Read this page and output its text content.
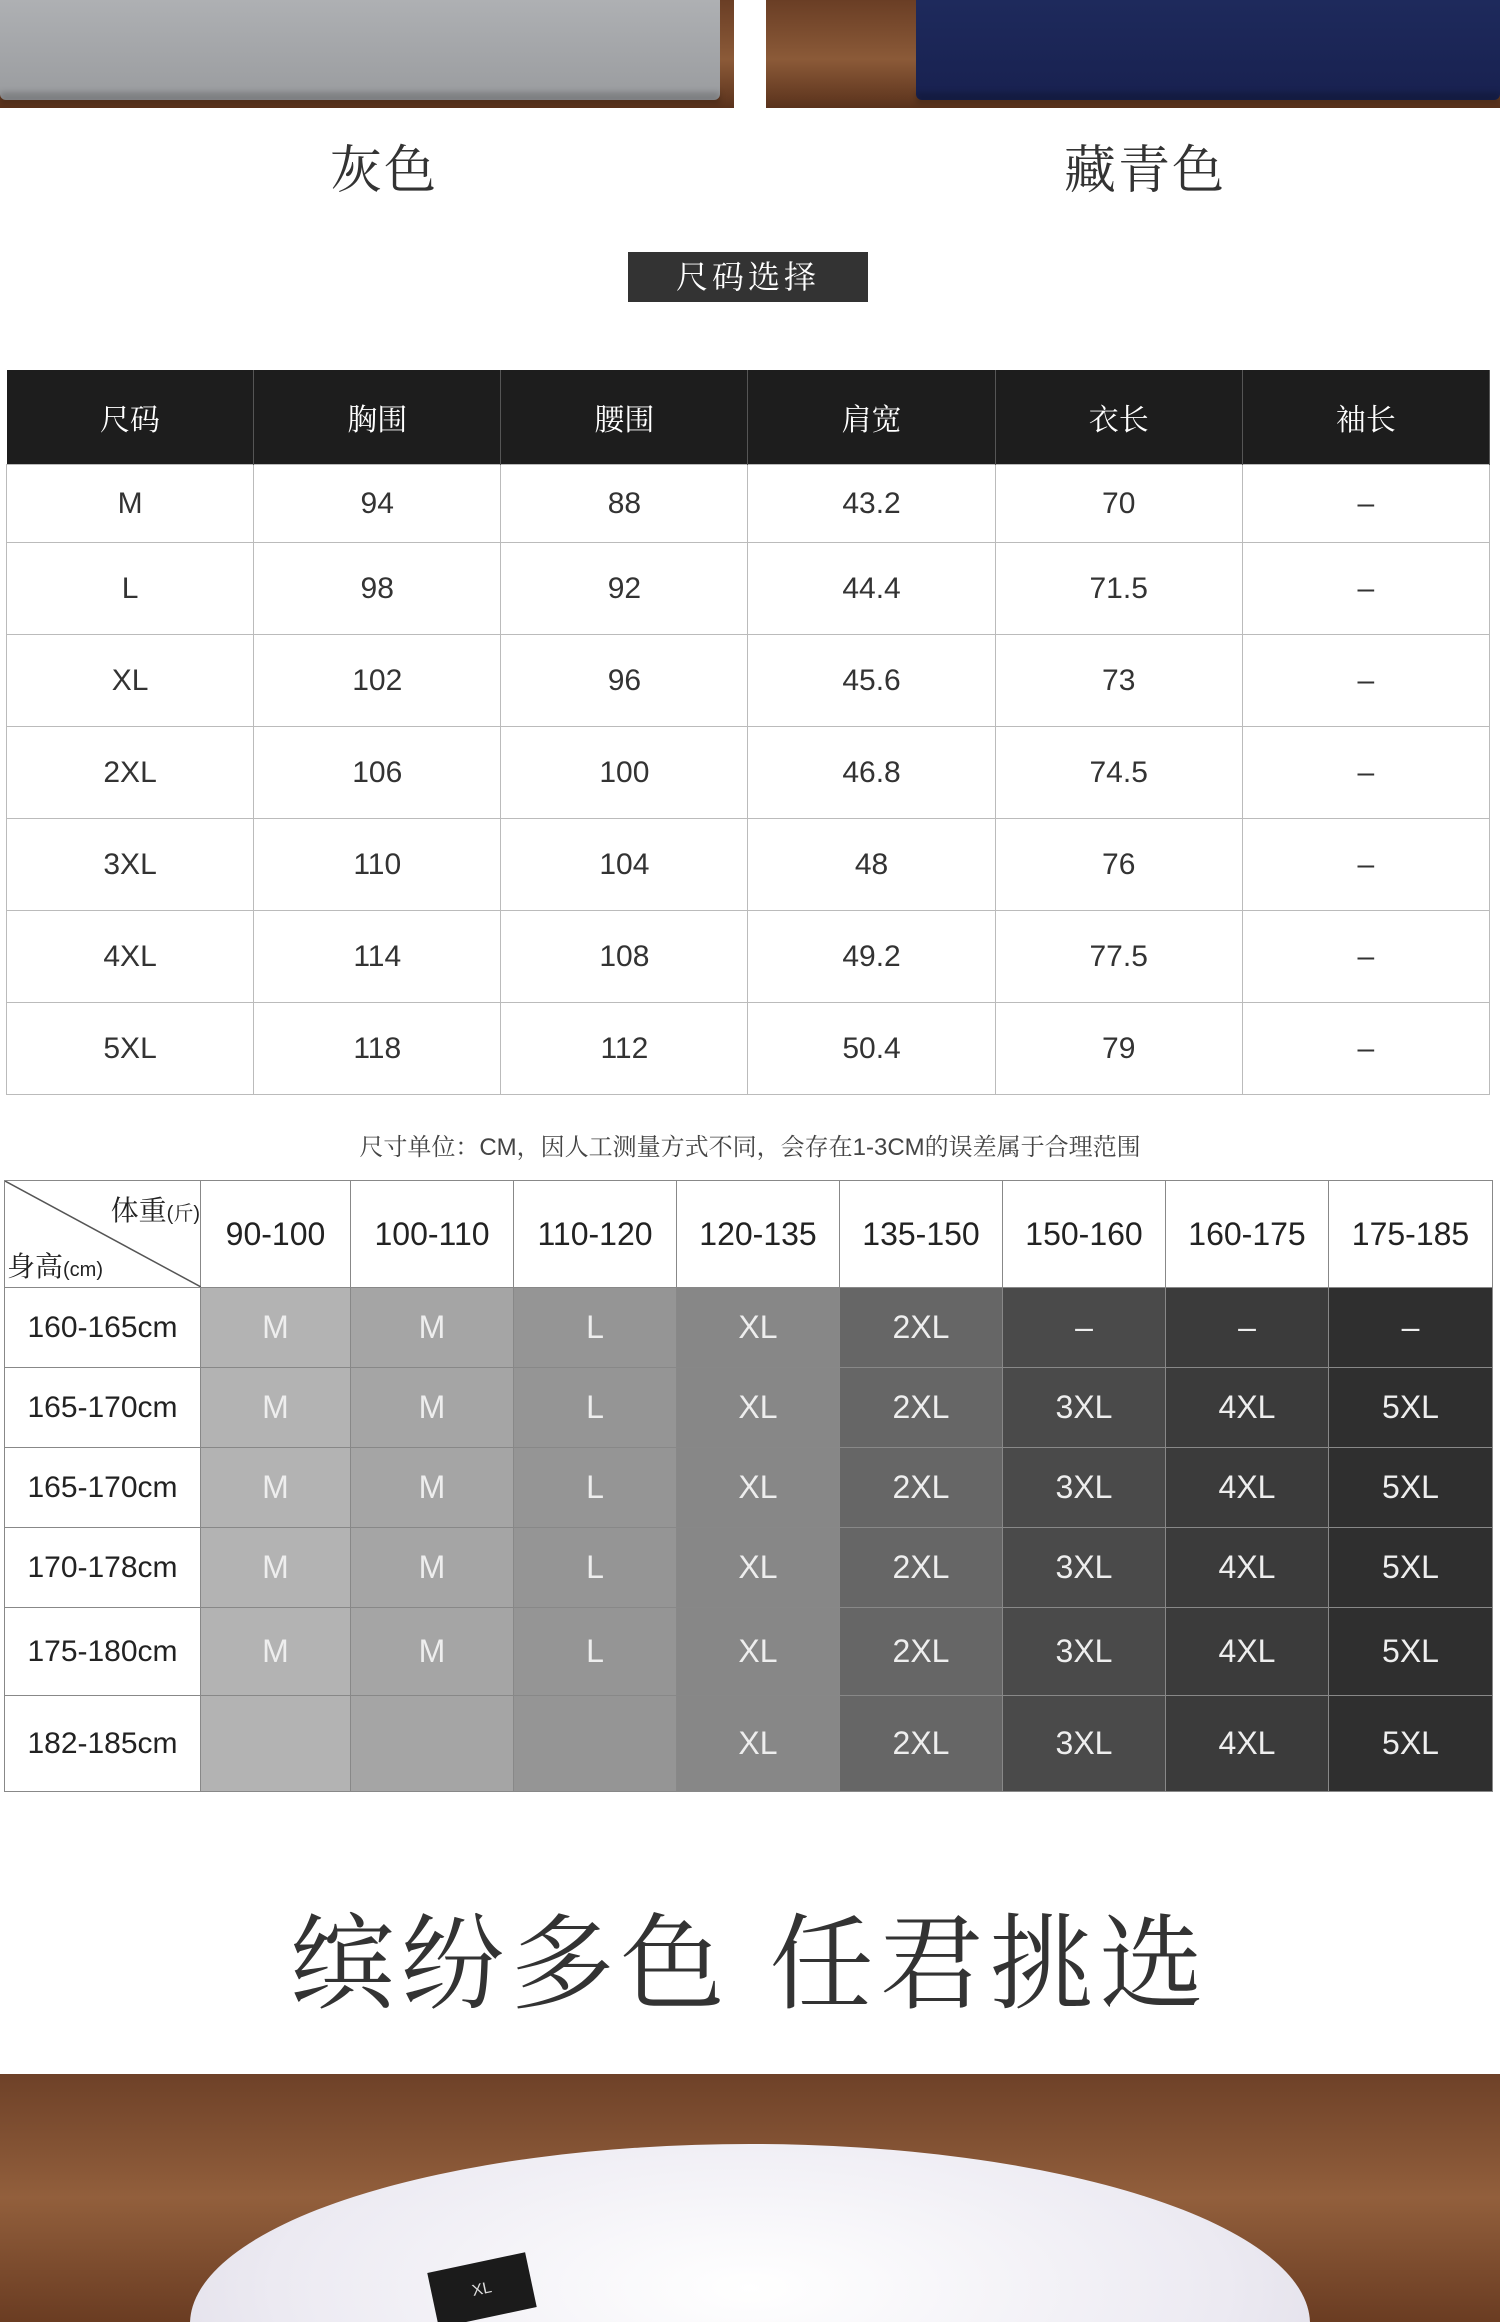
灰色	藏青色
尺码选择
尺码	胸围	腰围	肩宽	衣长	袖长
M	94	88	43.2	70	–
L	98	92	44.4	71.5	–
XL	102	96	45.6	73	–
2XL	106	100	46.8	74.5	–
3XL	110	104	48	76	–
4XL	114	108	49.2	77.5	–
5XL	118	112	50.4	79	–
尺寸单位：CM，因人工测量方式不同，会存在1-3CM的误差属于合理范围
体重(斤)
身高(cm)	90-100	100-110	110-120	120-135	135-150	150-160	160-175	175-185
160-165cm	M	M	L	XL	2XL	–	–	–
165-170cm	M	M	L	XL	2XL	3XL	4XL	5XL
165-170cm	M	M	L	XL	2XL	3XL	4XL	5XL
170-178cm	M	M	L	XL	2XL	3XL	4XL	5XL
175-180cm	M	M	L	XL	2XL	3XL	4XL	5XL
182-185cm				XL	2XL	3XL	4XL	5XL
缤纷多色 任君挑选
XL
